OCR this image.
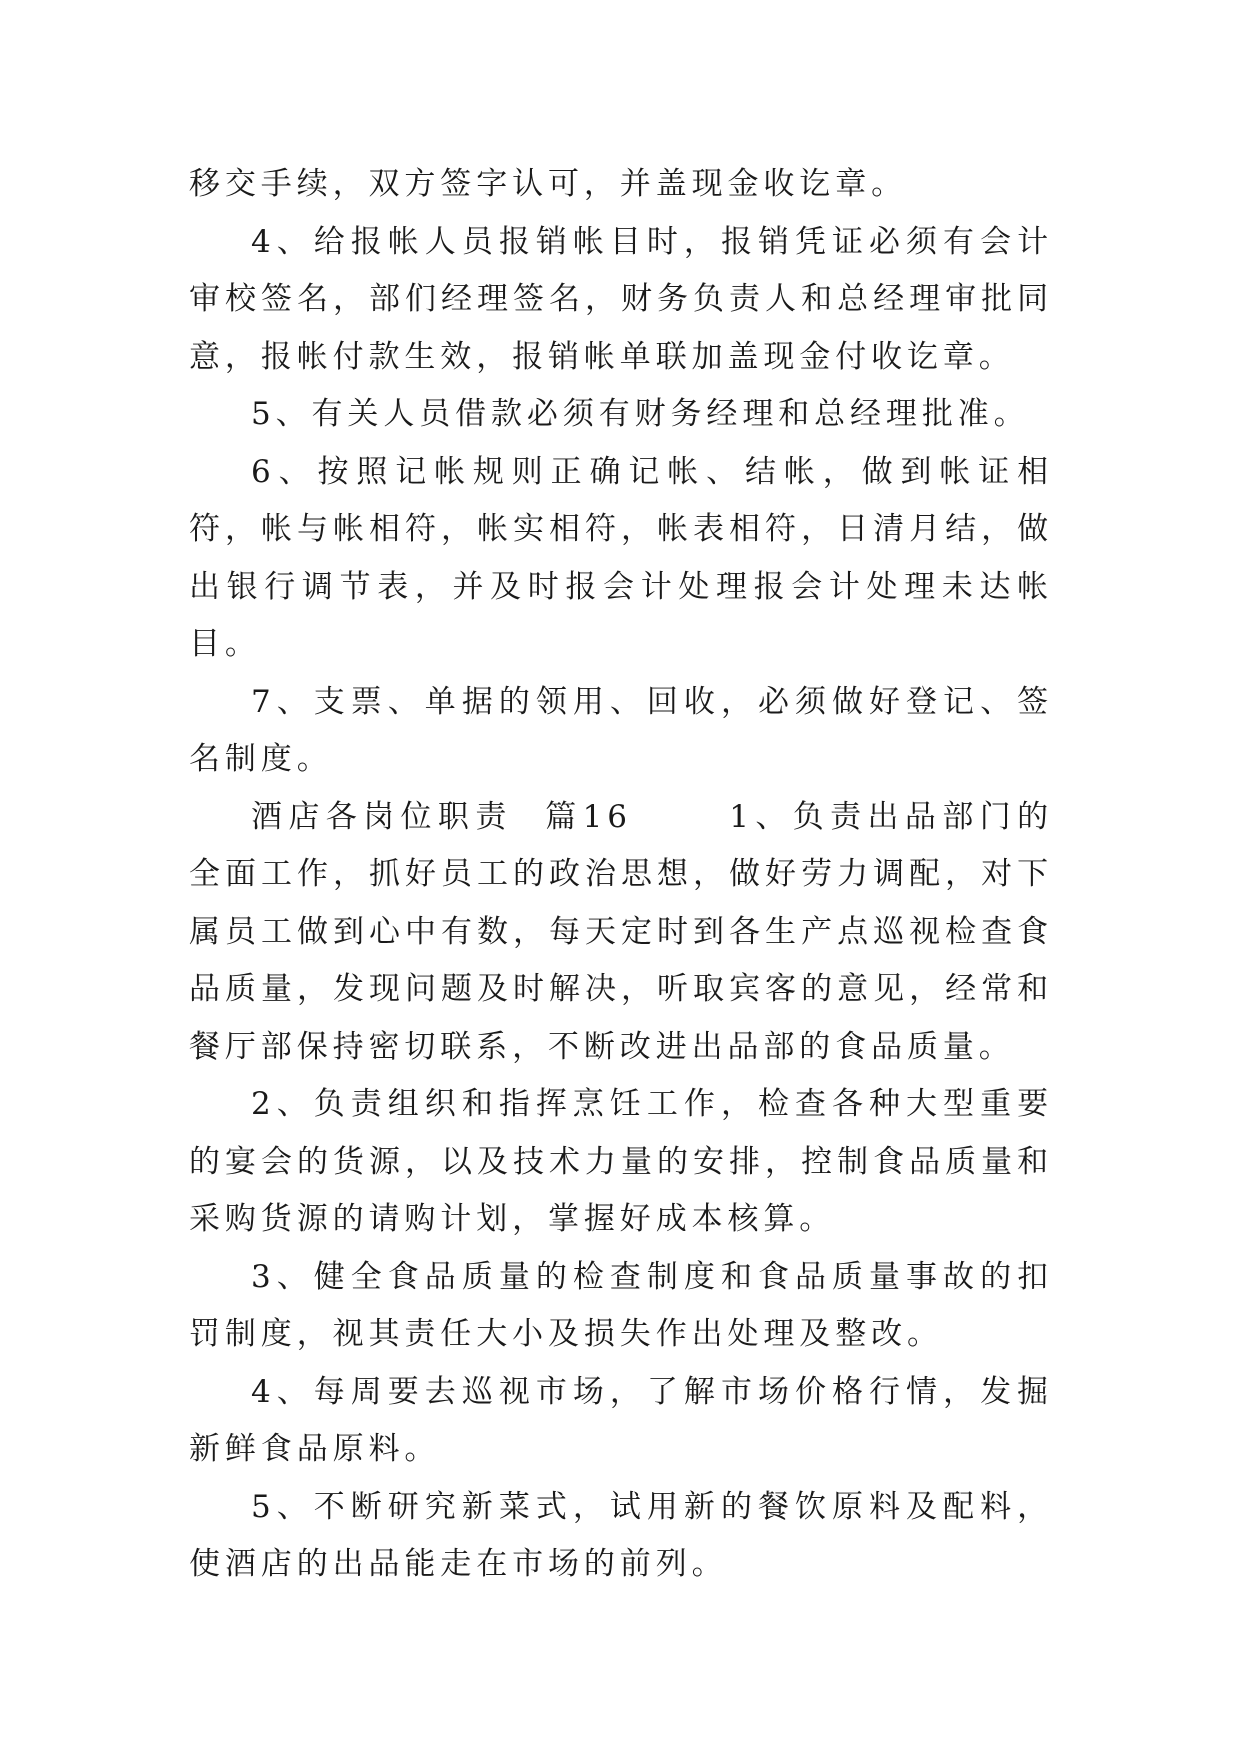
移交手续，双方签字认可，并盖现金收讫章。

4、给报帐人员报销帐目时，报销凭证必须有会计审校签名，部们经理签名，财务负责人和总经理审批同意，报帐付款生效，报销帐单联加盖现金付收讫章。

5、有关人员借款必须有财务经理和总经理批准。

6、按照记帐规则正确记帐、结帐，做到帐证相符，帐与帐相符，帐实相符，帐表相符，日清月结，做出银行调节表，并及时报会计处理报会计处理未达帐目。

7、支票、单据的领用、回收，必须做好登记、签名制度。

酒店各岗位职责  篇16      1、负责出品部门的全面工作，抓好员工的政治思想，做好劳力调配，对下属员工做到心中有数，每天定时到各生产点巡视检查食品质量，发现问题及时解决，听取宾客的意见，经常和餐厅部保持密切联系，不断改进出品部的食品质量。

2、负责组织和指挥烹饪工作，检查各种大型重要的宴会的货源，以及技术力量的安排，控制食品质量和采购货源的请购计划，掌握好成本核算。

3、健全食品质量的检查制度和食品质量事故的扣罚制度，视其责任大小及损失作出处理及整改。

4、每周要去巡视市场，了解市场价格行情，发掘新鲜食品原料。

5、不断研究新菜式，试用新的餐饮原料及配料，使酒店的出品能走在市场的前列。
